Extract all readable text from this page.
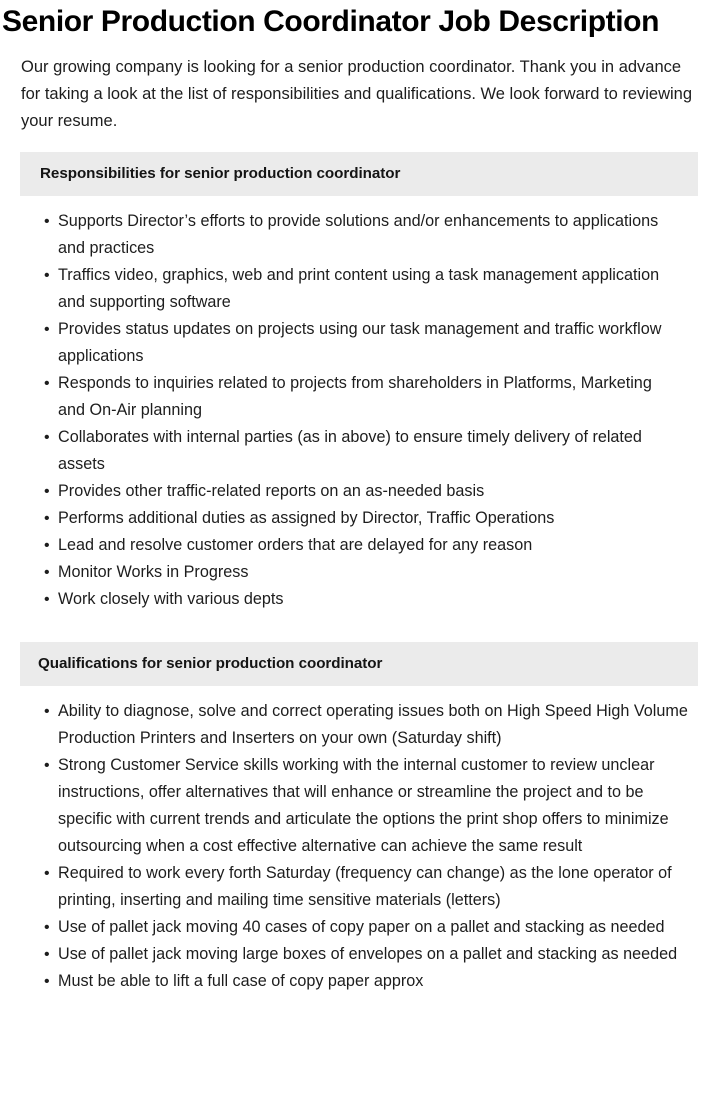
Senior Production Coordinator Job Description

Our growing company is looking for a senior production coordinator. Thank you in advance for taking a look at the list of responsibilities and qualifications. We look forward to reviewing your resume.

Responsibilities for senior production coordinator
• Supports Director’s efforts to provide solutions and/or enhancements to applications and practices
• Traffics video, graphics, web and print content using a task management application and supporting software
• Provides status updates on projects using our task management and traffic workflow applications
• Responds to inquiries related to projects from shareholders in Platforms, Marketing and On-Air planning
• Collaborates with internal parties (as in above) to ensure timely delivery of related assets
• Provides other traffic-related reports on an as-needed basis
• Performs additional duties as assigned by Director, Traffic Operations
• Lead and resolve customer orders that are delayed for any reason
• Monitor Works in Progress
• Work closely with various depts
Qualifications for senior production coordinator
• Ability to diagnose, solve and correct operating issues both on High Speed High Volume Production Printers and Inserters on your own (Saturday shift)
• Strong Customer Service skills working with the internal customer to review unclear instructions, offer alternatives that will enhance or streamline the project and to be specific with current trends and articulate the options the print shop offers to minimize outsourcing when a cost effective alternative can achieve the same result
• Required to work every forth Saturday (frequency can change) as the lone operator of printing, inserting and mailing time sensitive materials (letters)
• Use of pallet jack moving 40 cases of copy paper on a pallet and stacking as needed
• Use of pallet jack moving large boxes of envelopes on a pallet and stacking as needed
• Must be able to lift a full case of copy paper approx
